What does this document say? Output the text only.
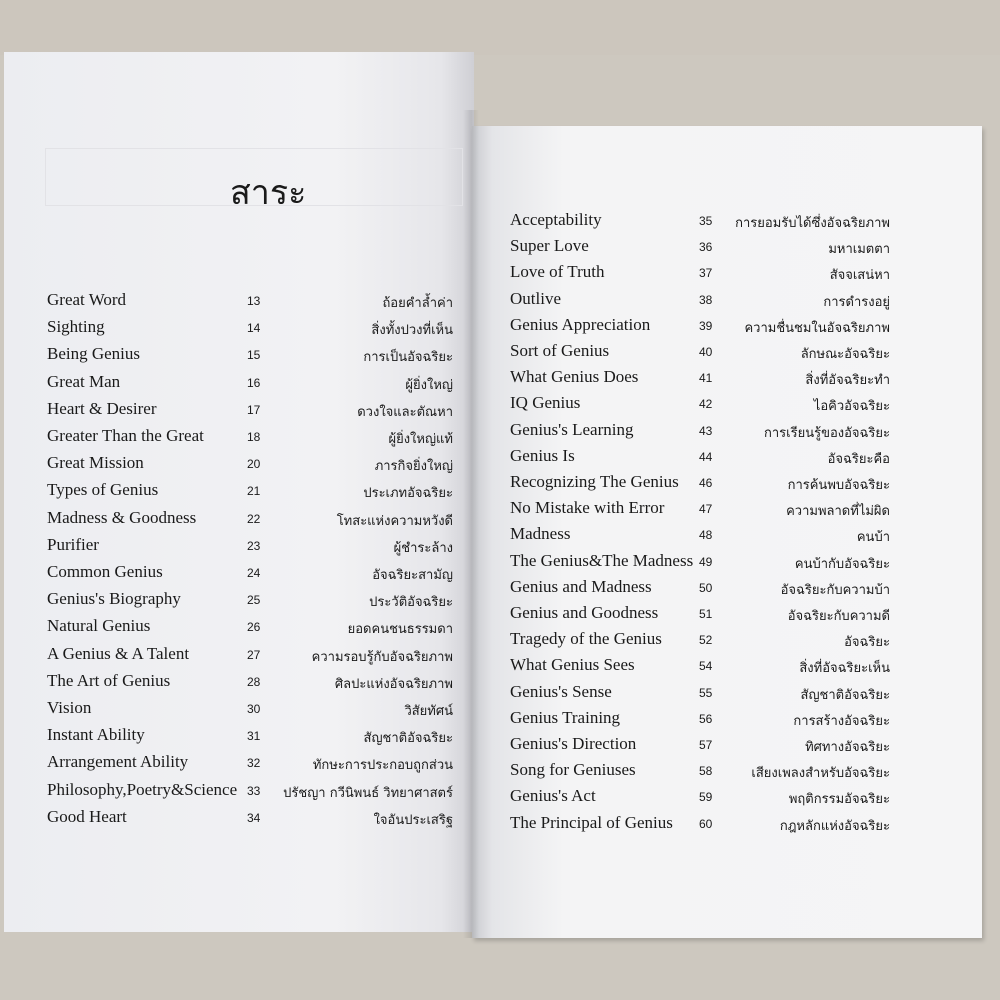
สาระ
Great Word	13	ถ้อยคำล้ำค่า
Sighting	14	สิ่งทั้งปวงที่เห็น
Being Genius	15	การเป็นอัจฉริยะ
Great Man	16	ผู้ยิ่งใหญ่
Heart & Desirer	17	ดวงใจและตัณหา
Greater Than the Great	18	ผู้ยิ่งใหญ่แท้
Great Mission	20	ภารกิจยิ่งใหญ่
Types of Genius	21	ประเภทอัจฉริยะ
Madness & Goodness	22	โทสะแห่งความหวังดี
Purifier	23	ผู้ชำระล้าง
Common Genius	24	อัจฉริยะสามัญ
Genius's Biography	25	ประวัติอัจฉริยะ
Natural Genius	26	ยอดคนชนธรรมดา
A Genius & A Talent	27	ความรอบรู้กับอัจฉริยภาพ
The Art of Genius	28	ศิลปะแห่งอัจฉริยภาพ
Vision	30	วิสัยทัศน์
Instant Ability	31	สัญชาติอัจฉริยะ
Arrangement Ability	32	ทักษะการประกอบถูกส่วน
Philosophy,Poetry&Science 33 ปรัชญา กวีนิพนธ์ วิทยาศาสตร์
Good Heart	34	ใจอันประเสริฐ
Acceptability	35 การยอมรับได้ซึ่งอัจฉริยภาพ
Super Love	36	มหาเมตตา
Love of Truth	37	สัจจเสน่หา
Outlive	38	การดำรงอยู่
Genius Appreciation	39 ความชื่นชมในอัจฉริยภาพ
Sort of Genius	40	ลักษณะอัจฉริยะ
What Genius Does	41	สิ่งที่อัจฉริยะทำ
IQ Genius	42	ไอคิวอัจฉริยะ
Genius's Learning	43	การเรียนรู้ของอัจฉริยะ
Genius Is	44	อัจฉริยะคือ
Recognizing The Genius 46	การค้นพบอัจฉริยะ
No Mistake with Error	47	ความพลาดที่ไม่ผิด
Madness	48	คนบ้า
The Genius&The Madness 49	คนบ้ากับอัจฉริยะ
Genius and Madness	50	อัจฉริยะกับความบ้า
Genius and Goodness	51	อัจฉริยะกับความดี
Tragedy of the Genius	52	อัจฉริยะ
What Genius Sees	54	สิ่งที่อัจฉริยะเห็น
Genius's Sense	55	สัญชาติอัจฉริยะ
Genius Training	56	การสร้างอัจฉริยะ
Genius's Direction	57	ทิศทางอัจฉริยะ
Song for Geniuses	58	เสียงเพลงสำหรับอัจฉริยะ
Genius's Act	59	พฤติกรรมอัจฉริยะ
The Principal of Genius 60	กฎหลักแห่งอัจฉริยะ
